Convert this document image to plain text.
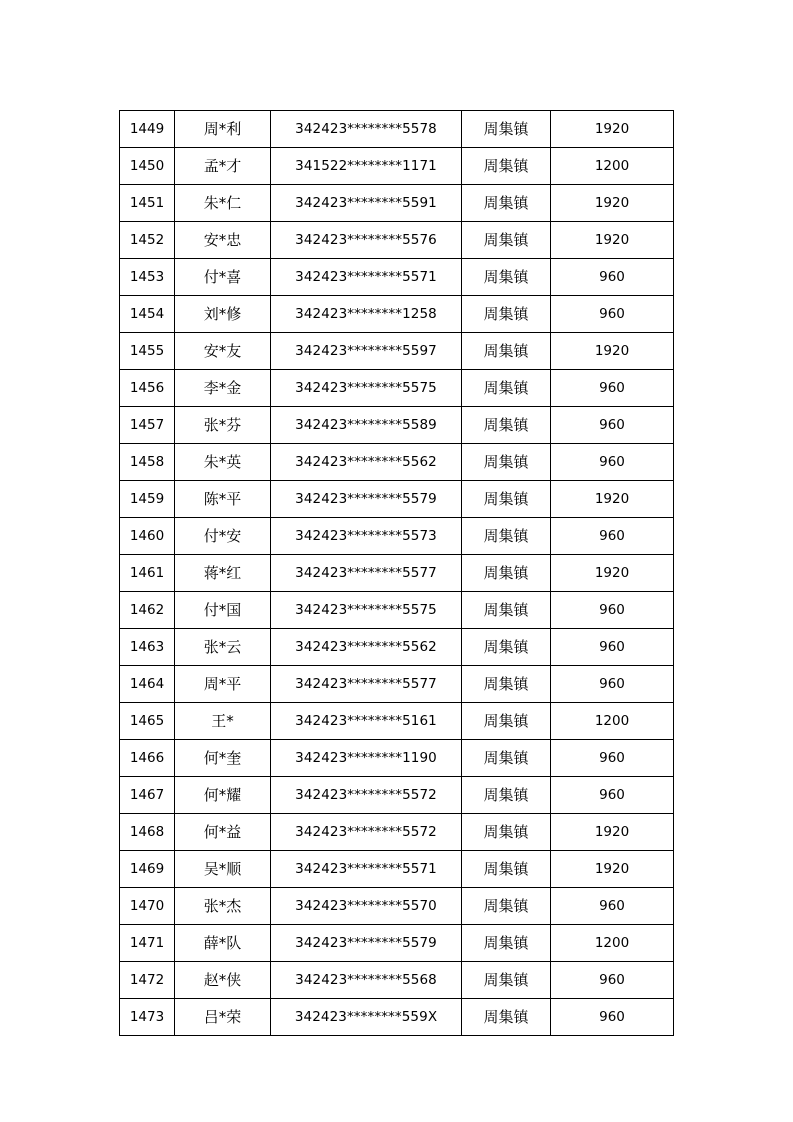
1449	周*利	342423********5578	周集镇	1920
1450	孟*才	341522********1171	周集镇	1200
1451	朱*仁	342423********5591	周集镇	1920
1452	安*忠	342423********5576	周集镇	1920
1453	付*喜	342423********5571	周集镇	960
1454	刘*修	342423********1258	周集镇	960
1455	安*友	342423********5597	周集镇	1920
1456	李*金	342423********5575	周集镇	960
1457	张*芬	342423********5589	周集镇	960
1458	朱*英	342423********5562	周集镇	960
1459	陈*平	342423********5579	周集镇	1920
1460	付*安	342423********5573	周集镇	960
1461	蒋*红	342423********5577	周集镇	1920
1462	付*国	342423********5575	周集镇	960
1463	张*云	342423********5562	周集镇	960
1464	周*平	342423********5577	周集镇	960
1465	王*	342423********5161	周集镇	1200
1466	何*奎	342423********1190	周集镇	960
1467	何*耀	342423********5572	周集镇	960
1468	何*益	342423********5572	周集镇	1920
1469	吴*顺	342423********5571	周集镇	1920
1470	张*杰	342423********5570	周集镇	960
1471	薛*队	342423********5579	周集镇	1200
1472	赵*侠	342423********5568	周集镇	960
1473	吕*荣	342423********559X	周集镇	960
